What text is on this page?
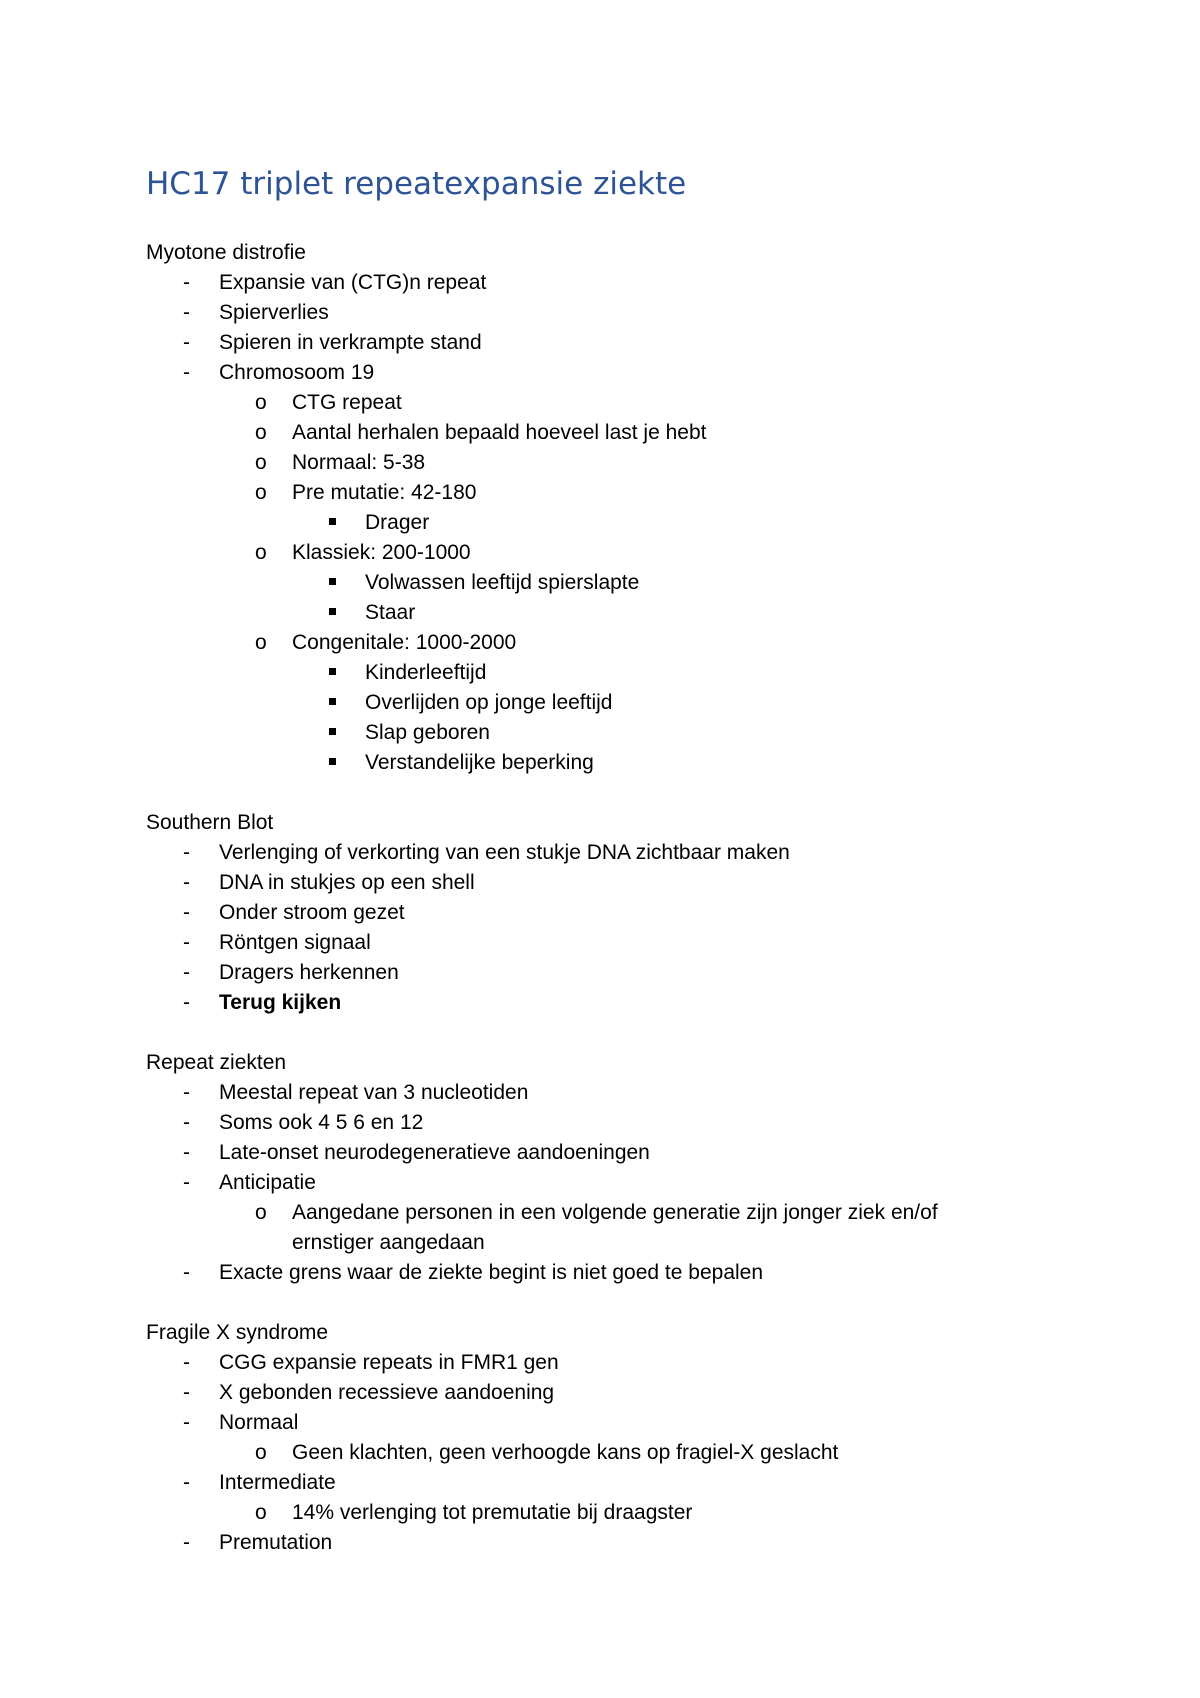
HC17 triplet repeatexpansie ziekte
Myotone distrofie
- Expansie van (CTG)n repeat
- Spierverlies
- Spieren in verkrampte stand
- Chromosoom 19
o CTG repeat
o Aantal herhalen bepaald hoeveel last je hebt
o Normaal: 5-38
o Pre mutatie: 42-180
Drager
o Klassiek: 200-1000
Volwassen leeftijd spierslapte
Staar
o Congenitale: 1000-2000
Kinderleeftijd
Overlijden op jonge leeftijd
Slap geboren
Verstandelijke beperking
Southern Blot
- Verlenging of verkorting van een stukje DNA zichtbaar maken
- DNA in stukjes op een shell
- Onder stroom gezet
- Röntgen signaal
- Dragers herkennen
- Terug kijken
Repeat ziekten
- Meestal repeat van 3 nucleotiden
- Soms ook 4 5 6 en 12
- Late-onset neurodegeneratieve aandoeningen
- Anticipatie
o Aangedane personen in een volgende generatie zijn jonger ziek en/of ernstiger aangedaan
- Exacte grens waar de ziekte begint is niet goed te bepalen
Fragile X syndrome
- CGG expansie repeats in FMR1 gen
- X gebonden recessieve aandoening
- Normaal
o Geen klachten, geen verhoogde kans op fragiel-X geslacht
- Intermediate
o 14% verlenging tot premutatie bij draagster
- Premutation
